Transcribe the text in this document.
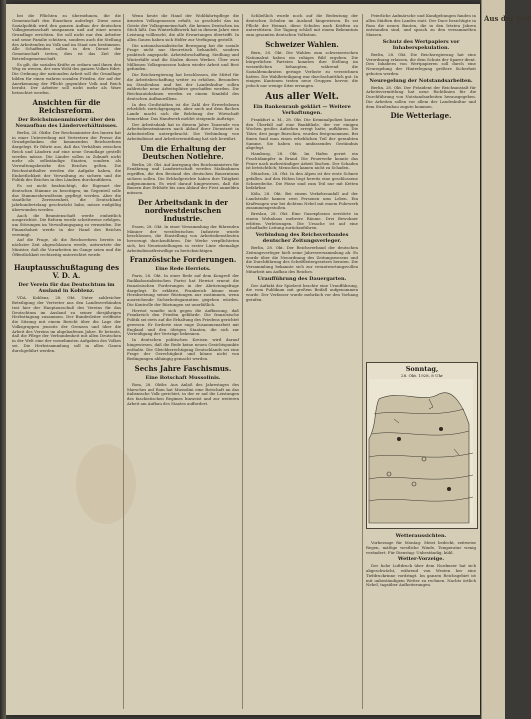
bei die Pflichten zu übernehmen, die die Gemeinschaft den Einzelnen auferlegt. Diese neue Sozialpolitik wird den ganzen Aufbau der deutschen Volksgemeinschaft umspannen und auf einer neuen Grundlage errichten. Sie soll nicht nur den Arbeiter und seine Familie schützen, sondern auch die Stellung des Arbeitenden im Volk und im Staat neu bestimmen. Alle Schaffenden sollen in den Dienst der Gemeinschaft treten; dies ist das Ziel der Betriebsgemeinschaft.

Es gilt, die sozialen Kräfte zu ordnen und ihnen den Weg zu weisen, der zum Wohl des ganzen Volkes führt. Die Ordnung der nationalen Arbeit soll die Grundlage bilden für einen wahren sozialen Frieden, der auf der Anerkennung der Pflicht gegenüber Volk und Reich beruht. Der Arbeiter soll nicht mehr als Ware betrachtet werden.

Ansichten für die Reichsreform.
Der Reichsinnenminister über den Neuaufbau des Länderverhältnisses.

Berlin, 28. Oktbr. Der Reichsminister des Innern hat in einer Unterredung mit Vertretern der Presse die Grundgedanken der kommenden Reichsreform dargelegt. Er führte aus, daß das Verhältnis zwischen Reich und Ländern auf eine neue Grundlage gestellt werden müsse. Die Länder sollen in Zukunft nicht mehr als selbständige Staaten, sondern als Verwaltungsbezirke des Reiches gelten. Die Reichsstatthalter werden die Aufgabe haben, die Einheitlichkeit der Verwaltung zu sichern und die Politik des Reiches in den Ländern durchzuführen.

Es sei nicht beabsichtigt, die Eigenart der deutschen Stämme zu beseitigen; im Gegenteil solle das Stammesbewußtsein gepflegt werden. Aber die staatliche Zerrissenheit, die Deutschland jahrhundertelang geschwächt habe, müsse endgültig überwunden werden.

Auch die Beamtenschaft werde einheitlich ausgerichtet. Die Reform werde schrittweise erfolgen, um Störungen im Verwaltungsgang zu vermeiden. Die Finanzhoheit werde in der Hand des Reiches vereinigt.

Auf die Frage, ob die Reichsreform bereits in nächster Zeit abgeschlossen werde, antwortete der Minister, daß die Vorarbeiten im Gange seien und die Öffentlichkeit rechtzeitig unterrichtet werde.

Hauptausschußtagung des V. D. A.
Der Verein für das Deutschtum im Ausland in Koblenz.

VDA. Koblenz, 28. Okt. Unter zahlreicher Beteiligung der Vertreter aus den Landesverbänden trat hier der Hauptausschuß des Vereins für das Deutschtum im Ausland zu seiner diesjährigen Herbsttagung zusammen. Der Bundesleiter eröffnete die Sitzung mit einem Bericht über die Lage der Volksgruppen jenseits der Grenzen und über die Arbeit des Vereins im abgelaufenen Jahre. Er betonte, daß die Pflege der Verbundenheit mit allen Deutschen in der Welt eine der vornehmsten Aufgaben des Volkes sei. Die Herbstsammlung soll in allen Gauen durchgeführt werden.

Wenn heute die Hand der Wohlfahrtspflege die ärmsten Volksgenossen erfaßt, so geschieht das im Geiste der Volksgemeinschaft, die keinen Deutschen im Stich läßt. Das Winterhilfswerk hat in diesem Jahre eine Leistung vollbracht, die alle Erwartungen übertrifft. In allen Gauen haben sich Helfer zur Verfügung gestellt.

Die nationalsozialistische Bewegung hat die soziale Frage nicht nur theoretisch behandelt, sondern praktisch angepackt. Arbeitsbeschaffung, Siedlung und Winterhilfe sind die Säulen dieses Werkes. Über zwei Millionen Volksgenossen haben wieder Arbeit und Brot gefunden.

Die Reichsregierung hat beschlossen, die Mittel für die Arbeitsbeschaffung weiter zu erhöhen. Besonders im Straßenbau und bei der Landeskultur sollen zahlreiche neue Arbeitsplätze geschaffen werden. Die Reichsautobahnen werden zu einem Sinnbild des deutschen Aufbauwillens.

In den Großstädten ist die Zahl der Erwerbslosen erheblich zurückgegangen, aber auch auf dem flachen Lande macht sich die Belebung der Wirtschaft bemerkbar. Das Handwerk meldet steigende Aufträge.

Der Arbeitsdank hat in diesem Jahre Tausende von Arbeitsdienstmännern nach Ablauf ihrer Dienstzeit in Arbeitsstellen untergebracht. Die Verbindung von Arbeitsdienst und Arbeitsvermittlung hat sich bewährt.

Um die Erhaltung der Deutschen Notlehre.

Berlin, 28. Okt. Auf Anregung des Reichsministers für Ernährung und Landwirtschaft werden Maßnahmen ergriffen, die den Bestand des deutschen Bauerntums sichern sollen. Die Erbhofgerichte haben ihre Tätigkeit aufgenommen. Es wird darauf hingewiesen, daß die Bauern ihre Erbhöfe bis zum Ablauf der Frist anmelden müssen.

Der Arbeitsdank in der nordwestdeutschen Industrie.

Essen, 28. Okt. In einer Versammlung der führenden Männer der westdeutschen Industrie wurde beschlossen, die Einstellung von Arbeitsdienstleuten bevorzugt durchzuführen. Die Werke verpflichteten sich, bei Neueinstellungen in erster Linie ehemalige Arbeitsdienstfreiwillige zu berücksichtigen.

Französische Forderungen.
Eine Rede Herriots.

Paris, 28. Okt. In einer Rede auf dem Kongreß der Radikalsozialistischen Partei hat Herriot erneut die französischen Forderungen in der Abrüstungsfrage dargelegt. Er erklärte, Frankreich könne einer Herabsetzung seiner Rüstungen nur zustimmen, wenn ausreichende Sicherheitsgarantien gegeben würden. Die Kontrolle der Rüstungen sei unerläßlich.

Herriot wandte sich gegen die Auffassung, daß Frankreich den Frieden gefährde. Die französische Politik sei stets auf die Erhaltung des Friedens gerichtet gewesen. Er forderte eine enge Zusammenarbeit mit England und den übrigen Staaten, die sich zur Verteidigung der Verträge bekennen.

In deutschen politischen Kreisen wird darauf hingewiesen, daß die Rede keine neuen Gesichtspunkte enthalte. Die Gleichberechtigung Deutschlands sei eine Frage der Gerechtigkeit und könne nicht von Bedingungen abhängig gemacht werden.

Sechs Jahre Faschismus.
Eine Botschaft Mussolinis.

Rom, 28. Oktbr. Aus Anlaß des Jahrestages des Marsches auf Rom hat Mussolini eine Botschaft an das italienische Volk gerichtet, in der er auf die Leistungen des faschistischen Regimes hinweist und zur weiteren Arbeit am Aufbau des Staates auffordert.

Schließlich wurde noch auf die Bedeutung der deutschen Schulen im Ausland hingewiesen. Es sei Pflicht der Heimat, diese Schulen nach Kräften zu unterstützen. Die Tagung schloß mit einem Bekenntnis zum gesamten deutschen Volkstum.

Schweizer Wahlen.

Bern, 28. Okt. Die Wahlen zum schweizerischen Nationalrat haben ein ruhiges Bild ergeben. Die bürgerlichen Parteien konnten ihre Stellung im wesentlichen behaupten, während die Sozialdemokraten geringe Verluste zu verzeichnen hatten. Die Wahlbeteiligung war durchschnittlich gut. In einigen Kantonen traten neue Gruppen hervor, die jedoch nur wenige Sitze errangen.

Aus aller Welt.
Ein Bankenraub geklärt — Weitere Verhaftungen.

Frankfurt a. M., 28. Okt. Die Kriminalpolizei konnte den Überfall auf eine Bankfiliale, der vor einigen Wochen großes Aufsehen erregt hatte, aufklären. Die Täter, drei junge Burschen, wurden festgenommen. Bei ihnen fand man einen erheblichen Teil der geraubten Summe. Sie haben ein umfassendes Geständnis abgelegt.

Hamburg, 28. Okt. Im Hafen geriet ein Frachtdampfer in Brand. Die Feuerwehr konnte das Feuer nach mehrstündiger Arbeit löschen. Der Schaden ist beträchtlich; Menschen kamen nicht zu Schaden.

München, 28. Okt. In den Alpen ist der erste Schnee gefallen. Auf den Höhen liegt bereits eine geschlossene Schneedecke. Die Pässe sind zum Teil nur mit Ketten befahrbar.

Köln, 28. Okt. Bei einem Verkehrsunfall auf der Landstraße kamen zwei Personen ums Leben. Ein Kraftwagen war bei dichtem Nebel mit einem Fuhrwerk zusammengestoßen.

Breslau, 28. Okt. Eine Gasexplosion zerstörte in einem Wohnhaus mehrere Räume. Drei Bewohner erlitten Verletzungen. Die Ursache ist auf eine schadhafte Leitung zurückzuführen.

Verbindung des Reichsverbandes deutscher Zeitungsverleger.

Berlin, 28. Okt. Der Reichsverband der deutschen Zeitungsverleger hielt seine Jahresversammlung ab. Es wurde über die Neuordnung des Zeitungswesens und die Durchführung des Schriftleitergesetzes beraten. Die Versammlung bekannte sich zur verantwortungsvollen Mitarbeit am Aufbau des Reiches.

Uraufführung des Dauergarten.

Der Auftakt der Spielzeit brachte eine Uraufführung, die vom Publikum mit großem Beifall aufgenommen wurde. Der Verfasser wurde mehrfach vor den Vorhang gerufen.

Feierliche Aufmärsche und Kundgebungen fanden in allen Städten des Landes statt. Der Duce besichtigte in Rom die neuen Bauten, die in den letzten Jahren entstanden sind, und sprach zu den versammelten Massen.

Schutz des Wertpapiers vor Inhaberspekulation.

Berlin, 28. Okt. Die Reichsregierung hat eine Verordnung erlassen, die dem Schutz der Sparer dient. Den Inhabern von Wertpapieren soll durch eine Neuregelung der Hinterlegung größere Sicherheit geboten werden.

Neuregelung der Notstandsarbeiten.

Berlin, 28. Okt. Der Präsident der Reichsanstalt für Arbeitsvermittlung hat neue Richtlinien für die Durchführung von Notstandsarbeiten herausgegeben. Die Arbeiten sollen vor allem der Landeskultur und dem Straßenbau zugute kommen.

Die Wetterlage.
Sonntag,
28. Okt. 1928, 8 Uhr
Wetteraussichten.

Vorhersage für Montag: Meist bedeckt, zeitweise Regen, mäßige westliche Winde, Temperatur wenig verändert. Für Dienstag: Unbeständig, kühl.

Wetter-Vorzeige.

Der hohe Luftdruck über dem Nordmeer hat sich abgeschwächt, während von Westen her eine Tiefdruckrinne vordringt. Im ganzen Reichsgebiet ist mit unbeständigem Wetter zu rechnen. Nachts örtlich Nebel, tagsüber Aufheiterungen.

Aus der Der
